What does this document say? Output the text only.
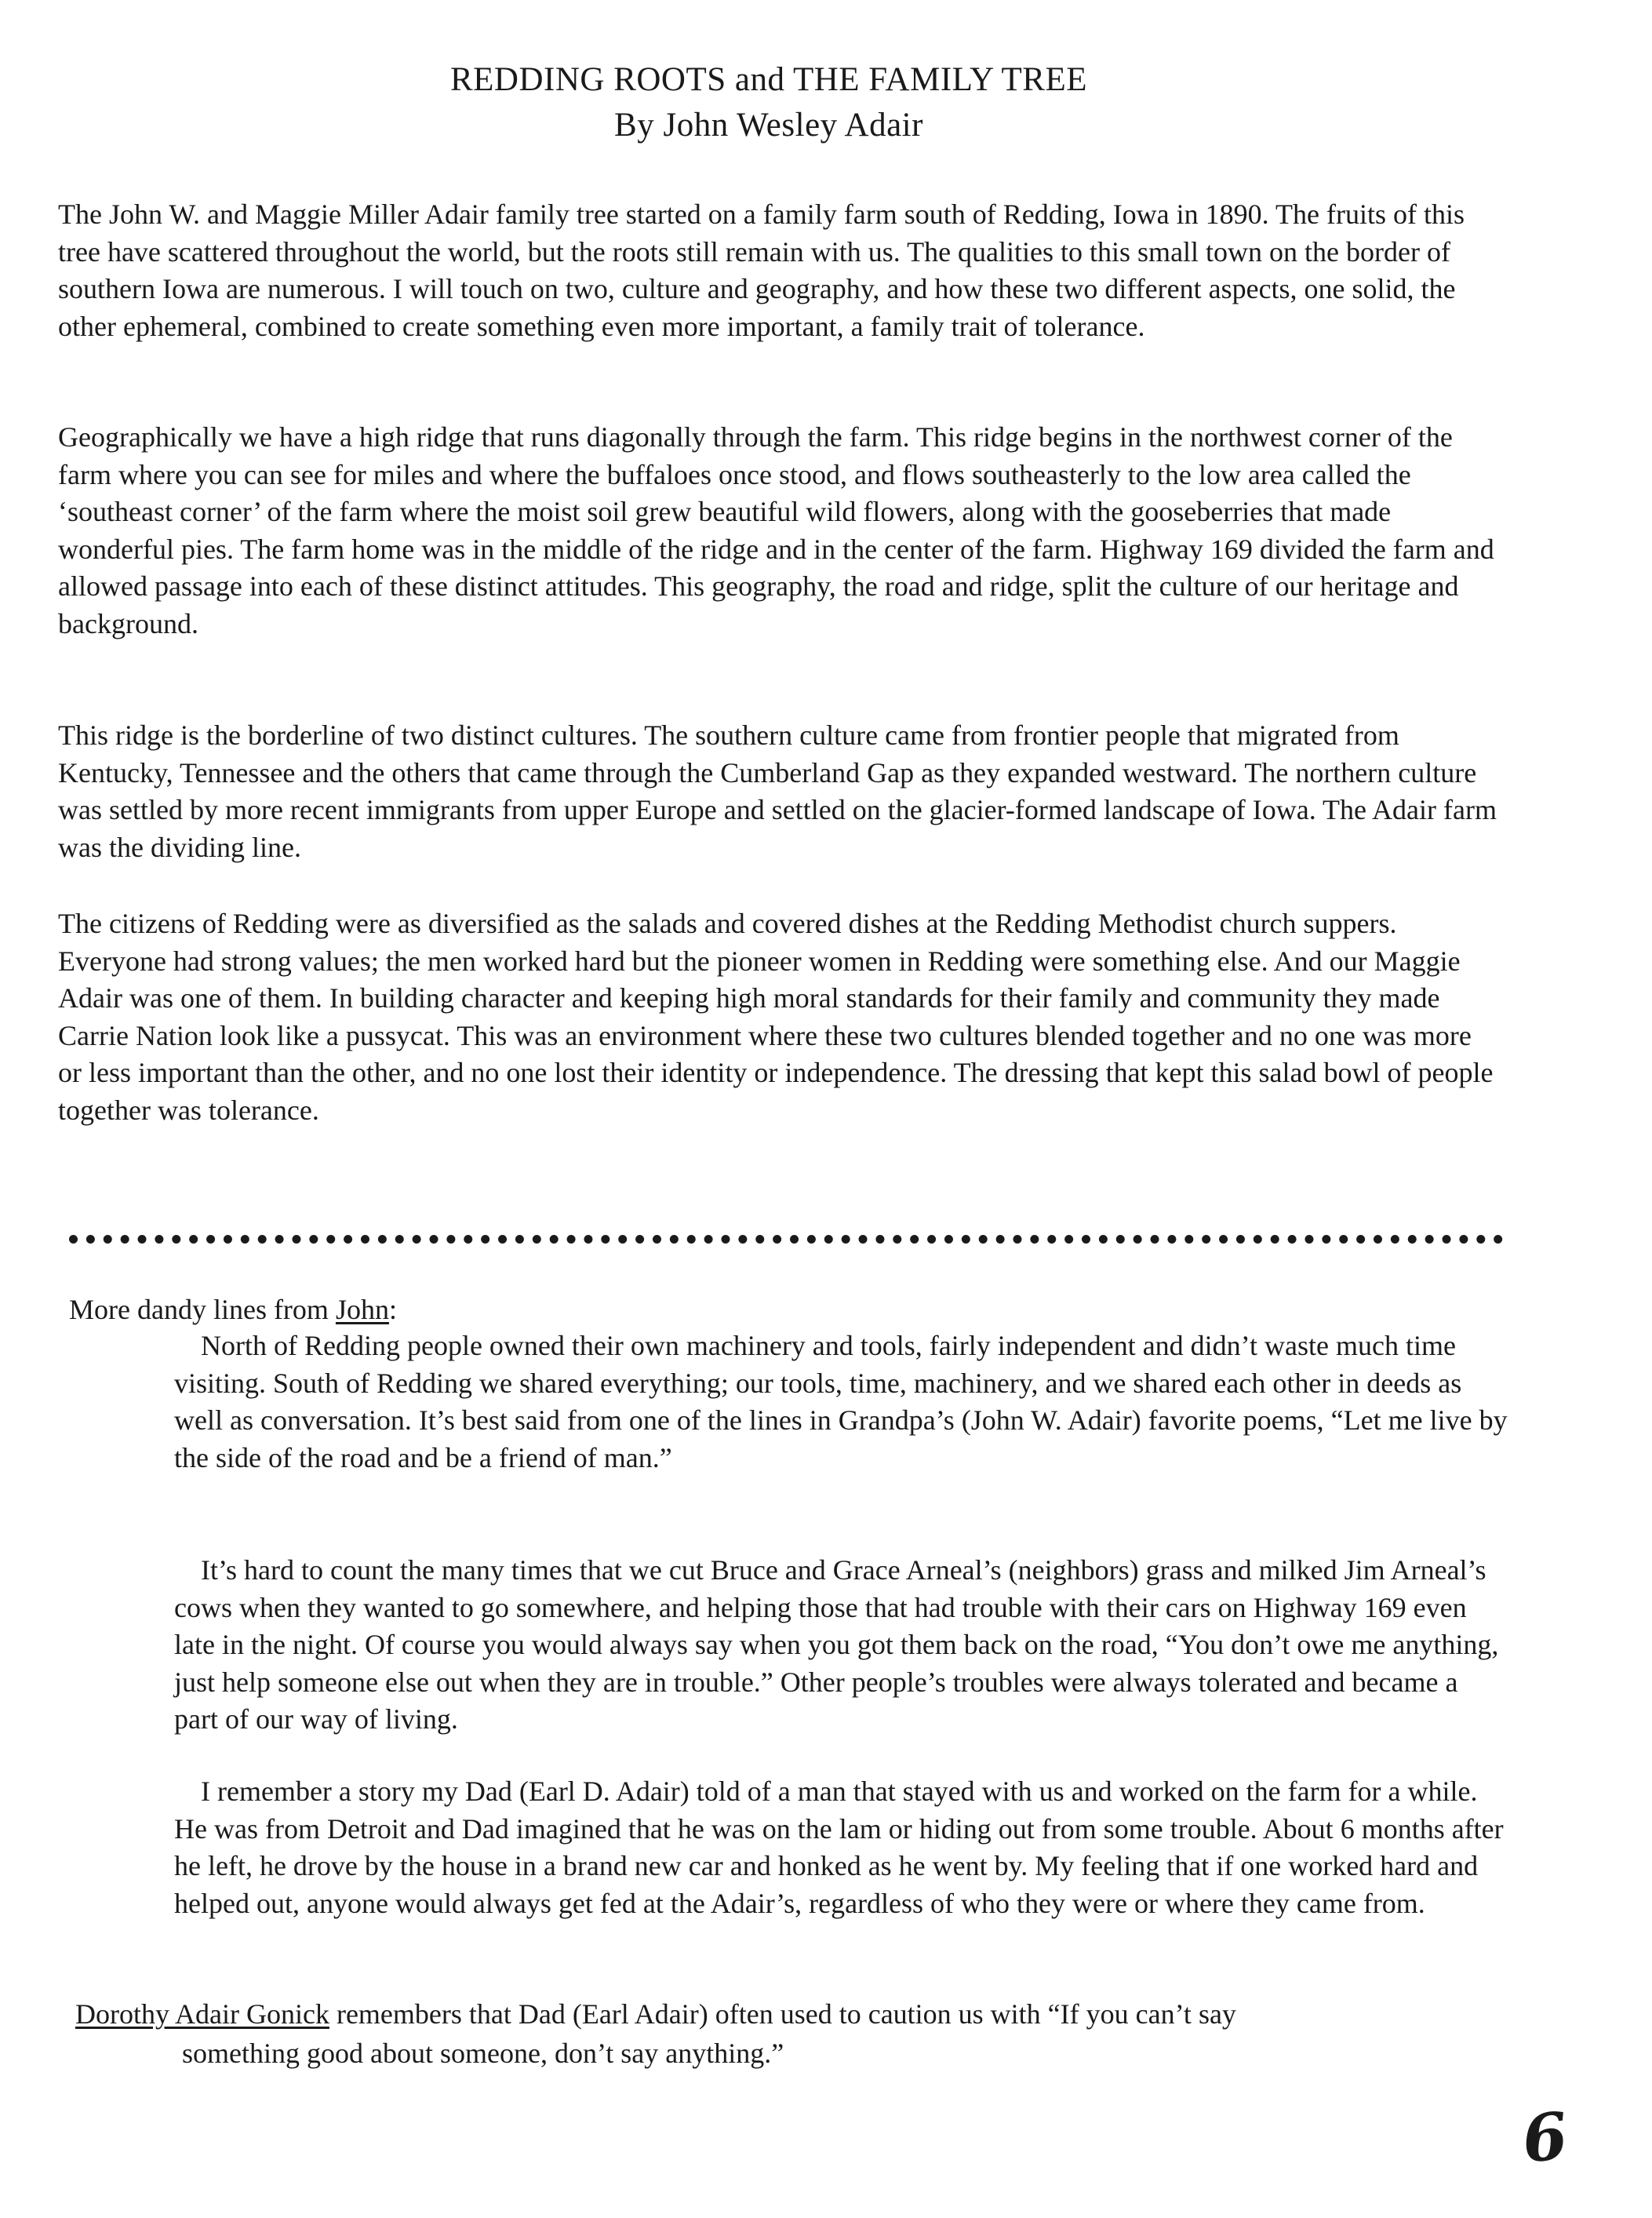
REDDING ROOTS and THE FAMILY TREE
By John Wesley Adair

The John W. and Maggie Miller Adair family tree started on a family farm south of Redding, Iowa in 1890. The fruits of this tree have scattered throughout the world, but the roots still remain with us. The qualities to this small town on the border of southern Iowa are numerous. I will touch on two, culture and geography, and how these two different aspects, one solid, the other ephemeral, combined to create something even more important, a family trait of tolerance.

Geographically we have a high ridge that runs diagonally through the farm. This ridge begins in the northwest corner of the farm where you can see for miles and where the buffaloes once stood, and flows southeasterly to the low area called the ‘southeast corner’ of the farm where the moist soil grew beautiful wild flowers, along with the gooseberries that made wonderful pies. The farm home was in the middle of the ridge and in the center of the farm. Highway 169 divided the farm and allowed passage into each of these distinct attitudes. This geography, the road and ridge, split the culture of our heritage and background.

This ridge is the borderline of two distinct cultures. The southern culture came from frontier people that migrated from Kentucky, Tennessee and the others that came through the Cumberland Gap as they expanded westward. The northern culture was settled by more recent immigrants from upper Europe and settled on the glacier-formed landscape of Iowa. The Adair farm was the dividing line.

The citizens of Redding were as diversified as the salads and covered dishes at the Redding Methodist church suppers. Everyone had strong values; the men worked hard but the pioneer women in Redding were something else. And our Maggie Adair was one of them. In building character and keeping high moral standards for their family and community they made Carrie Nation look like a pussycat. This was an environment where these two cultures blended together and no one was more or less important than the other, and no one lost their identity or independence. The dressing that kept this salad bowl of people together was tolerance.

More dandy lines from John:

North of Redding people owned their own machinery and tools, fairly independent and didn’t waste much time visiting. South of Redding we shared everything; our tools, time, machinery, and we shared each other in deeds as well as conversation. It’s best said from one of the lines in Grandpa’s (John W. Adair) favorite poems, “Let me live by the side of the road and be a friend of man.”

It’s hard to count the many times that we cut Bruce and Grace Arneal’s (neighbors) grass and milked Jim Arneal’s cows when they wanted to go somewhere, and helping those that had trouble with their cars on Highway 169 even late in the night. Of course you would always say when you got them back on the road, “You don’t owe me anything, just help someone else out when they are in trouble.” Other people’s troubles were always tolerated and became a part of our way of living.

I remember a story my Dad (Earl D. Adair) told of a man that stayed with us and worked on the farm for a while. He was from Detroit and Dad imagined that he was on the lam or hiding out from some trouble. About 6 months after he left, he drove by the house in a brand new car and honked as he went by. My feeling that if one worked hard and helped out, anyone would always get fed at the Adair’s, regardless of who they were or where they came from.

Dorothy Adair Gonick remembers that Dad (Earl Adair) often used to caution us with “If you can’t say
something good about someone, don’t say anything.”
6
